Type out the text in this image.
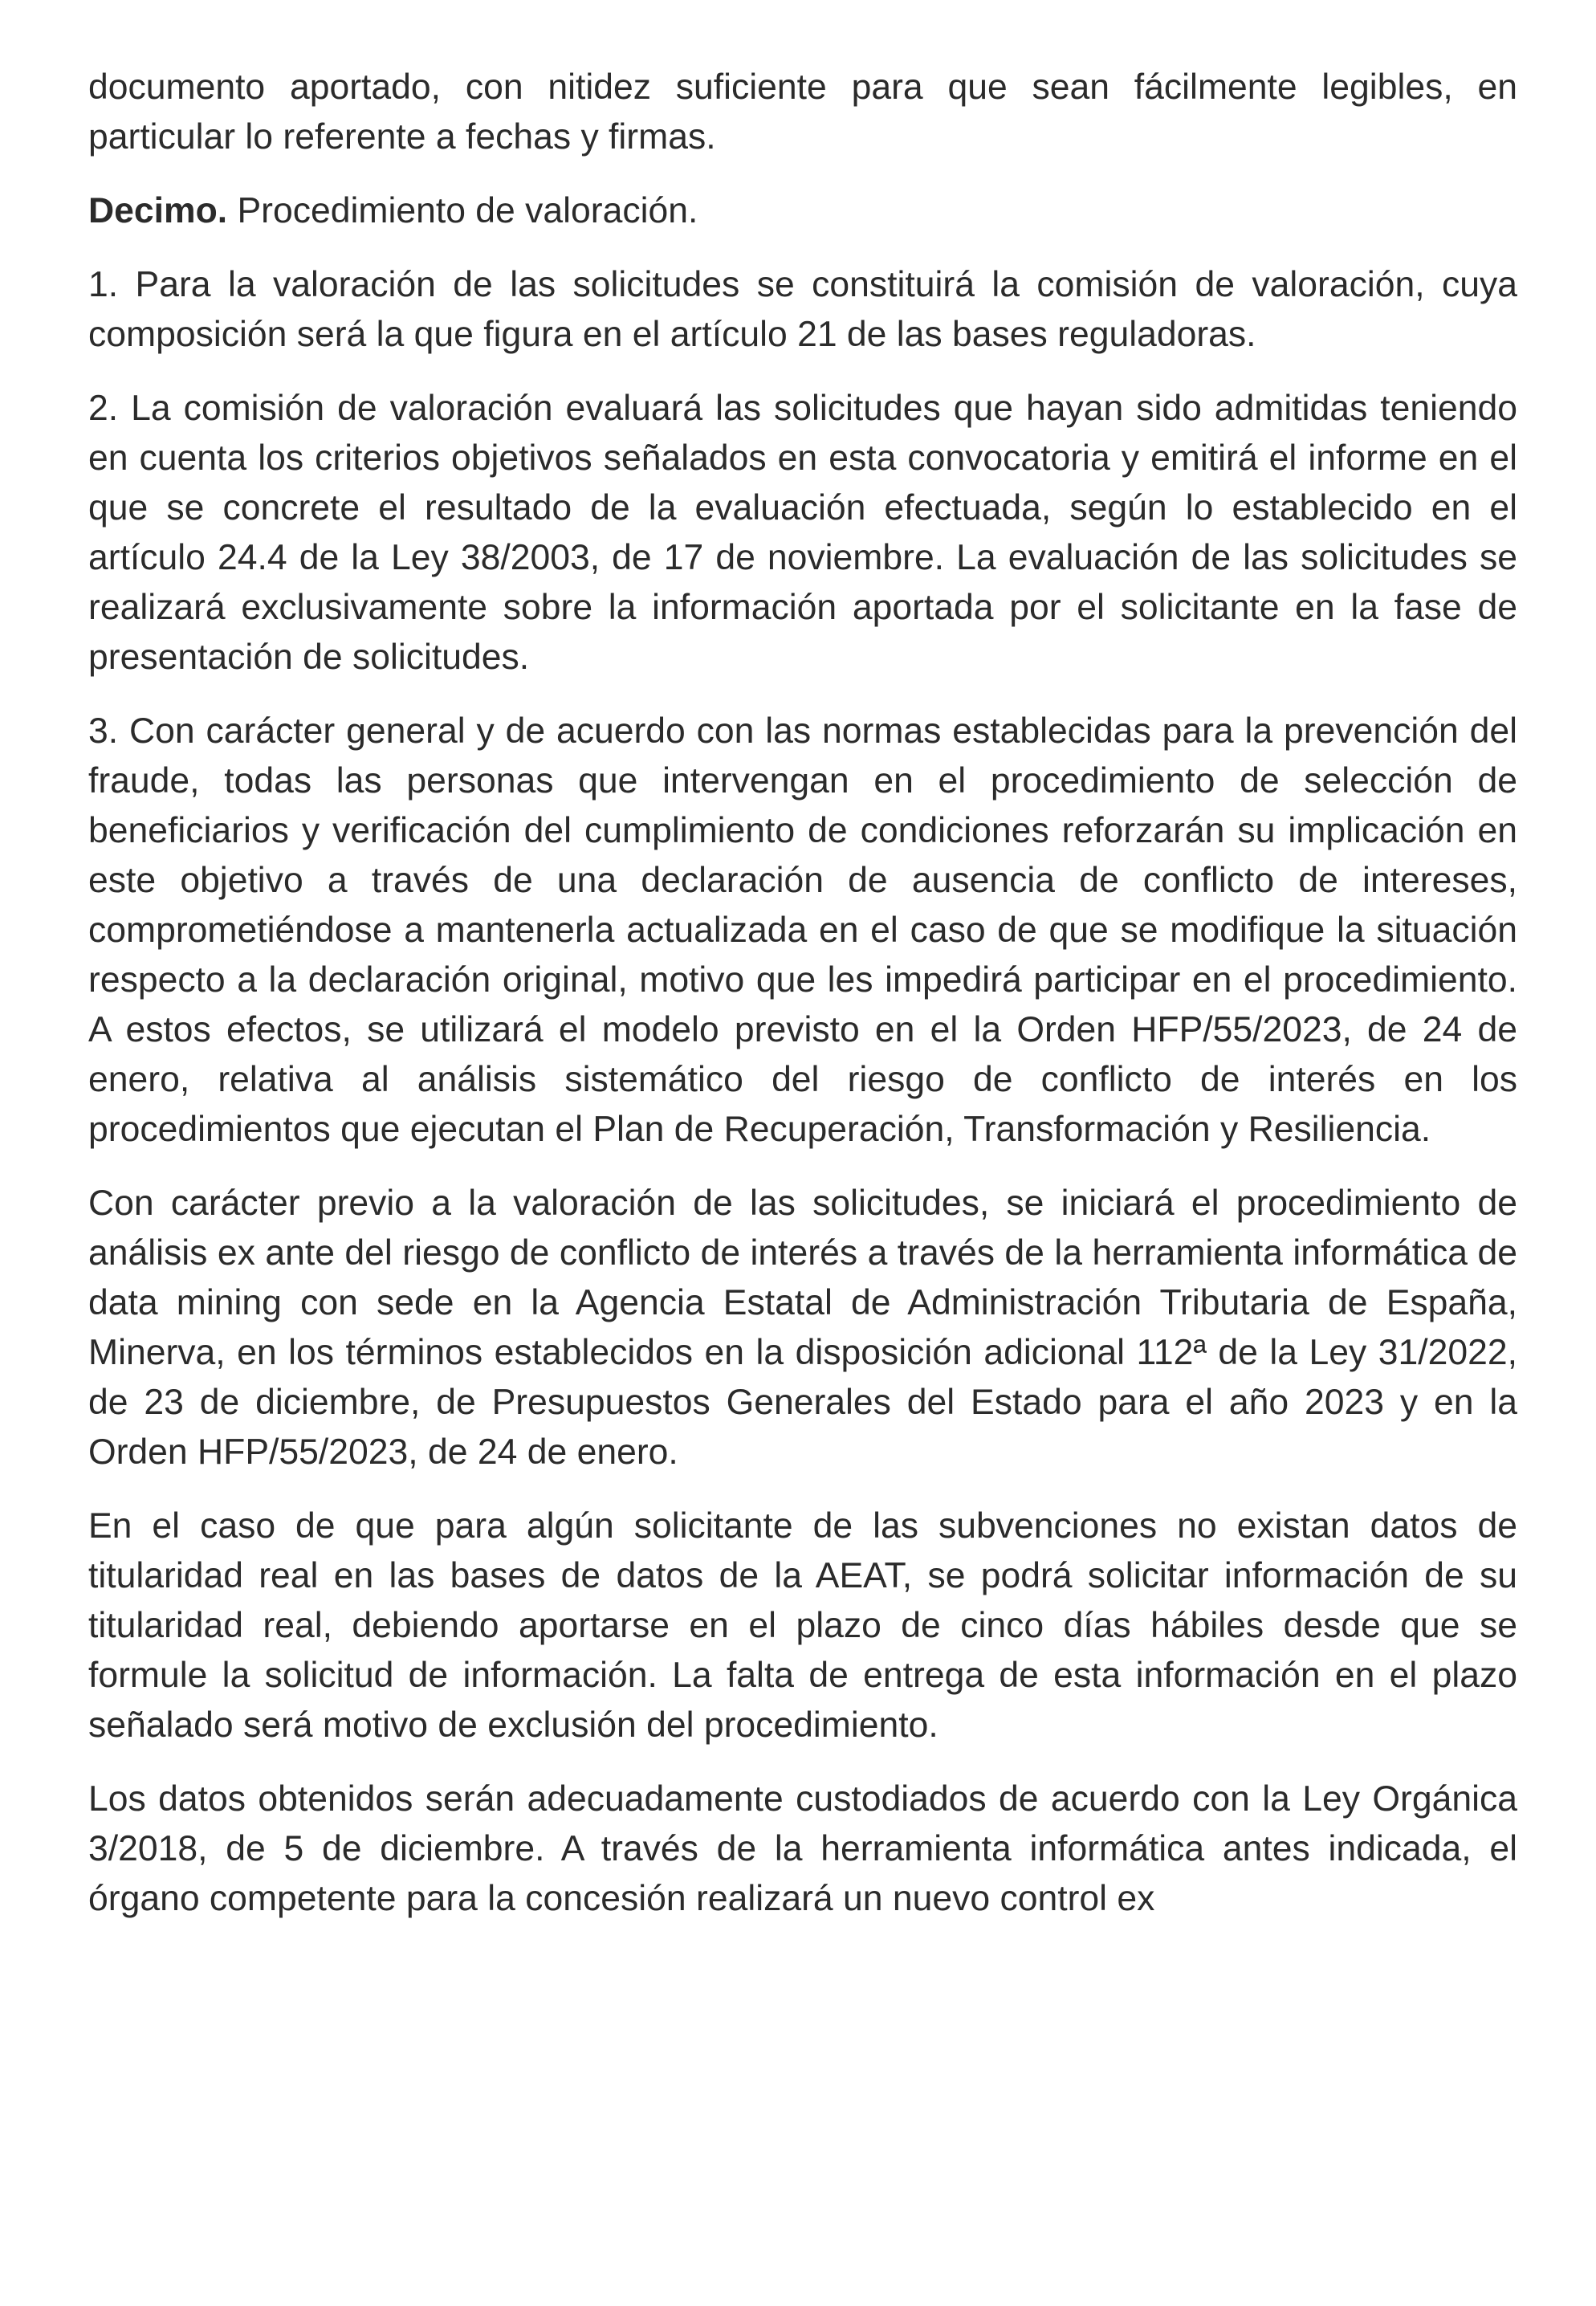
documento aportado, con nitidez suficiente para que sean fácilmente legibles, en particular lo referente a fechas y firmas.

Decimo. Procedimiento de valoración.

1. Para la valoración de las solicitudes se constituirá la comisión de valoración, cuya composición será la que figura en el artículo 21 de las bases reguladoras.

2. La comisión de valoración evaluará las solicitudes que hayan sido admitidas teniendo en cuenta los criterios objetivos señalados en esta convocatoria y emitirá el informe en el que se concrete el resultado de la evaluación efectuada, según lo establecido en el artículo 24.4 de la Ley 38/2003, de 17 de noviembre. La evaluación de las solicitudes se realizará exclusivamente sobre la información aportada por el solicitante en la fase de presentación de solicitudes.

3. Con carácter general y de acuerdo con las normas establecidas para la prevención del fraude, todas las personas que intervengan en el procedimiento de selección de beneficiarios y verificación del cumplimiento de condiciones reforzarán su implicación en este objetivo a través de una declaración de ausencia de conflicto de intereses, comprometiéndose a mantenerla actualizada en el caso de que se modifique la situación respecto a la declaración original, motivo que les impedirá participar en el procedimiento. A estos efectos, se utilizará el modelo previsto en el la Orden HFP/55/2023, de 24 de enero, relativa al análisis sistemático del riesgo de conflicto de interés en los procedimientos que ejecutan el Plan de Recuperación, Transformación y Resiliencia.

Con carácter previo a la valoración de las solicitudes, se iniciará el procedimiento de análisis ex ante del riesgo de conflicto de interés a través de la herramienta informática de data mining con sede en la Agencia Estatal de Administración Tributaria de España, Minerva, en los términos establecidos en la disposición adicional 112ª de la Ley 31/2022, de 23 de diciembre, de Presupuestos Generales del Estado para el año 2023 y en la Orden HFP/55/2023, de 24 de enero.

En el caso de que para algún solicitante de las subvenciones no existan datos de titularidad real en las bases de datos de la AEAT, se podrá solicitar información de su titularidad real, debiendo aportarse en el plazo de cinco días hábiles desde que se formule la solicitud de información. La falta de entrega de esta información en el plazo señalado será motivo de exclusión del procedimiento.

Los datos obtenidos serán adecuadamente custodiados de acuerdo con la Ley Orgánica 3/2018, de 5 de diciembre. A través de la herramienta informática antes indicada, el órgano competente para la concesión realizará un nuevo control ex
